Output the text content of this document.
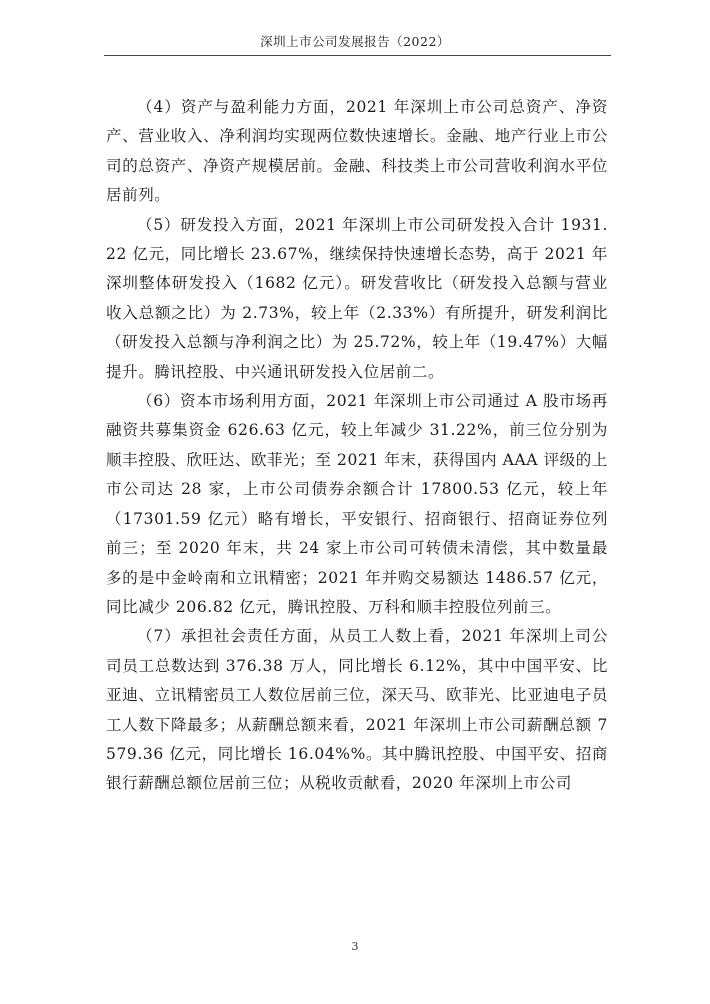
深圳上市公司发展报告（2022）

（4）资产与盈利能力方面，2021 年深圳上市公司总资产、净资产、营业收入、净利润均实现两位数快速增长。金融、地产行业上市公司的总资产、净资产规模居前。金融、科技类上市公司营收利润水平位居前列。

（5）研发投入方面，2021 年深圳上市公司研发投入合计 1931.22 亿元，同比增长 23.67%，继续保持快速增长态势，高于 2021 年深圳整体研发投入（1682 亿元）。研发营收比（研发投入总额与营业收入总额之比）为 2.73%，较上年（2.33%）有所提升，研发利润比（研发投入总额与净利润之比）为 25.72%，较上年（19.47%）大幅提升。腾讯控股、中兴通讯研发投入位居前二。

（6）资本市场利用方面，2021 年深圳上市公司通过 A 股市场再融资共募集资金 626.63 亿元，较上年减少 31.22%，前三位分别为顺丰控股、欣旺达、欧菲光；至 2021 年末，获得国内 AAA 评级的上市公司达 28 家，上市公司债券余额合计 17800.53 亿元，较上年（17301.59 亿元）略有增长，平安银行、招商银行、招商证券位列前三；至 2020 年末，共 24 家上市公司可转债未清偿，其中数量最多的是中金岭南和立讯精密；2021 年并购交易额达 1486.57 亿元，同比减少 206.82 亿元，腾讯控股、万科和顺丰控股位列前三。

（7）承担社会责任方面，从员工人数上看，2021 年深圳上司公司员工总数达到 376.38 万人，同比增长 6.12%，其中中国平安、比亚迪、立讯精密员工人数位居前三位，深天马、欧菲光、比亚迪电子员工人数下降最多；从薪酬总额来看，2021 年深圳上市公司薪酬总额 7579.36 亿元，同比增长 16.04%%。其中腾讯控股、中国平安、招商银行薪酬总额位居前三位；从税收贡献看，2020 年深圳上市公司

3
